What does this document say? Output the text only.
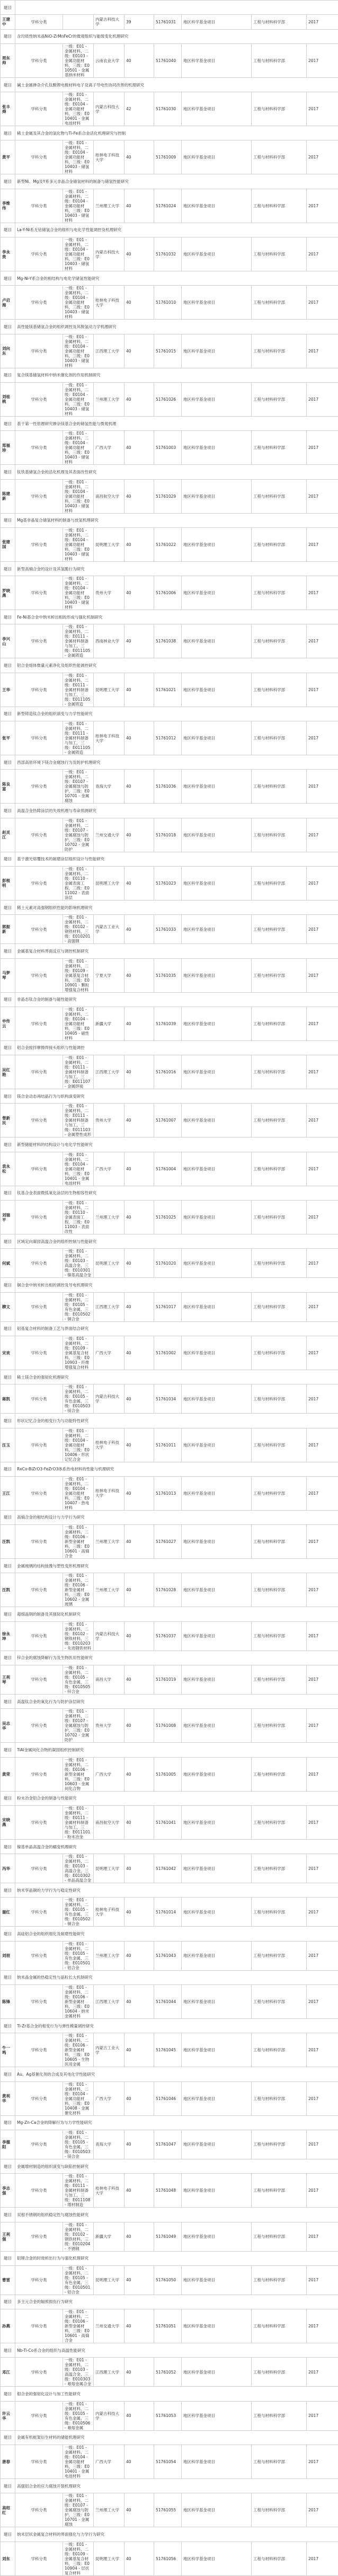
题目								
王建中	学科分类		内蒙古科技大学	39	51761031	地区科学基金项目	工程与材料科学部	2017
题目	含均质性纳米晶NiO-ZrMnFeCr的微观组织与能级变化机理研究							
周东帅	学科分类	一级：E01 - 金属材料，二级：E0103 - 金属功能材料，三级：E010501 - 金属基纳米材料	云南农业大学	40	51761040	地区科学基金项目	工程与材料科学部	2017
题目	碱土金属掺杂介孔钛酸锂电极材料电子及离子导电性协同改善的机理研究							
张丰舜	学科分类	一级：E01 - 金属材料，二级：E0104 - 金属功能材料，三级：E010401 - 金属电池材料	内蒙古科技大学	42	51761030	地区科学基金项目	工程与材料科学部	2017
题目	稀土金属及其合金的氢化物与Ti-Fe系合金活化机理研究与控制							
黄平	学科分类	一级：E01 - 金属材料，二级：E0104 - 金属功能材料，三级：E010403 - 储氢材料	桂林电子科技大学	40	51761009	地区科学基金项目	工程与材料科学部	2017
题目	新型Ni、Mg及Y系多元非晶合金储氢材料的制备与储氢性能研究							
李维伟	学科分类	一级：E01 - 金属材料，二级：E0104 - 金属功能材料，三级：E010403 - 储氢材料	兰州理工大学	40	51761024	地区科学基金项目	工程与材料科学部	2017
题目	La-Y-Ni系无钴储氢合金的组织与电化学性能调控及机理研究							
李永贵	学科分类	一级：E01 - 金属材料，二级：E0104 - 金属功能材料，三级：E010403 - 储氢材料	内蒙古科技大学	40	51761032	地区科学基金项目	工程与材料科学部	2017
题目	Mg-Ni-Y系合金的相结构与电化学储氢性能研究							
卢启海	学科分类	一级：E01 - 金属材料，二级：E0104 - 金属功能材料，三级：E010403 - 储氢材料	桂林电子科技大学	40	51761010	地区科学基金项目	工程与材料科学部	2017
题目	高性能镁基储氢合金的组织调控及其脱氢动力学机理研究							
刘向东	学科分类	一级：E01 - 金属材料，二级：E0104 - 金属功能材料，三级：E010403 - 储氢材料	江西理工大学	40	51761015	地区科学基金项目	工程与材料科学部	2017
题目	复合镁基储氢材料中纳米催化剂的作用机制研究							
刘桂桃	学科分类	一级：E01 - 金属材料，二级：E0104 - 金属功能材料，三级：E010403 - 储氢材料	兰州理工大学	40	51761026	地区科学基金项目	工程与材料科学部	2017
题目	基于第一性原理研究掺杂镁基合金的储氢性能与微观机理							
郑福珍	学科分类	一级：E01 - 金属材料，二级：E0104 - 金属功能材料，三级：E010403 - 储氢材料	广西大学	40	51761003	地区科学基金项目	工程与材料科学部	2017
题目	钛铁基储氢合金的活化机理及其表面改性研究							
陈建新	学科分类	一级：E01 - 金属材料，二级：E0104 - 金属功能材料，三级：E010403 - 储氢材料	南昌航空大学	40	51761029	地区科学基金项目	工程与材料科学部	2017
题目	Mg基非晶复合储氢材料的制备与放氢机理研究							
张建国	学科分类	一级：E01 - 金属材料，二级：E0104 - 金属功能材料，三级：E010403 - 储氢材料	昆明理工大学	40	51761022	地区科学基金项目	工程与材料科学部	2017
题目	新型高熵合金的设计及其氢脆行为研究							
罗晓燕	学科分类	一级：E01 - 金属材料，二级：E0104 - 金属功能材料，三级：E010403 - 储氢材料	贵州大学	40	51761006	地区科学基金项目	工程与材料科学部	2017
题目	Fe-Ni基合金中纳米析出相的形成与强化机制研究							
李兴山	学科分类	一级：E01 - 金属材料，二级：E0111 - 金属材料制备与加工，三级：E011105 - 金属铸造	西南林业大学	40	51761038	地区科学基金项目	工程与材料科学部	2017
题目	铝合金熔体微量元素净化及组织性能调控研究							
王华	学科分类	一级：E01 - 金属材料，二级：E0111 - 金属材料制备与加工，三级：E011105 - 金属铸造	昆明理工大学	40	51761021	地区科学基金项目	工程与材料科学部	2017
题目	新型铸造钛合金的组织演变与力学性能研究							
张平	学科分类	一级：E01 - 金属材料，二级：E0111 - 金属材料制备与加工，三级：E011105 - 金属铸造	桂林电子科技大学	40	51761012	地区科学基金项目	工程与材料科学部	2017
题目	西部高原环境下镁合金腐蚀行为及防护机理研究							
陈良富	学科分类	一级：E01 - 金属材料，二级：E0107 - 金属腐蚀与防护，三级：E010701 - 金属腐蚀	青海大学	40	51761036	地区科学基金项目	工程与材料科学部	2017
题目	高温合金热障涂层的失效机理与寿命预测研究							
赵灵江	学科分类	一级：E01 - 金属材料，二级：E0107 - 金属腐蚀与防护，三级：E010702 - 金属防护	兰州交通大学	40	51761018	地区科学基金项目	工程与材料科学部	2017
题目	基于激光熔覆技术的耐磨涂层组织设计与性能研究							
彭根明	学科分类	一级：E01 - 金属材料，二级：E0110 - 金属表面工程，三级：E011002 - 表面涂层	昆明理工大学	40	51761023	地区科学基金项目	工程与材料科学部	2017
题目	稀土元素对高强钢组织性能的影响机理研究							
郭振新	学科分类	一级：E01 - 金属材料，二级：E0102 - 钢铁材料，三级：E010201 - 高强钢	内蒙古工业大学	40	51761033	地区科学基金项目	工程与材料科学部	2017
题目	金属基复合材料界面反应与调控机制研究							
马梦琴	学科分类	一级：E01 - 金属材料，二级：E0109 - 金属基复合材料，三级：E010901 - 颗粒增强复合材料	宁夏大学	40	51761035	地区科学基金项目	工程与材料科学部	2017
题目	非晶态钛合金的制备与磁性能研究							
申传云	学科分类	一级：E01 - 金属材料，二级：E0104 - 金属功能材料，三级：E010405 - 磁性材料	新疆大学	40	51761039	地区科学基金项目	工程与材料科学部	2017
题目	铝合金搅拌摩擦焊接头组织与性能调控							
吴红艳	学科分类	一级：E01 - 金属材料，二级：E0111 - 金属材料制备与加工，三级：E011107 - 金属焊接	江西理工大学	40	51761016	地区科学基金项目	工程与材料科学部	2017
题目	镁合金动态再结晶行为与织构演变研究							
曾新民	学科分类	一级：E01 - 金属材料，二级：E0111 - 金属材料制备与加工，三级：E011103 - 金属塑性成形	贵州大学	40	51761007	地区科学基金项目	工程与材料科学部	2017
题目	新型储能材料的结构设计与电化学性能研究							
袁永松	学科分类	一级：E01 - 金属材料，二级：E0104 - 金属功能材料，三级：E010401 - 金属电池材料	广西大学	40	51761004	地区科学基金项目	工程与材料科学部	2017
题目	钛基合金表面微弧氧化涂层的生物相容性研究							
刘瑞平	学科分类	一级：E01 - 金属材料，二级：E0110 - 金属表面工程，三级：E011003 - 表面改性	兰州理工大学	40	51761025	地区科学基金项目	工程与材料科学部	2017
题目	区域定向凝固高温合金的组织控制与性能研究							
何斌	学科分类	一级：E01 - 金属材料，二级：E0103 - 高温合金，三级：E010301 - 镍基高温合金	昆明理工大学	40	51761020	地区科学基金项目	工程与材料科学部	2017
题目	铜合金中纳米析出相的调控及导电机理研究							
柳文	学科分类	一级：E01 - 金属材料，二级：E0105 - 有色金属，三级：E010502 - 铜合金	江西理工大学	40	51761017	地区科学基金项目	工程与材料科学部	2017
题目	铝基复合材料的制备工艺与界面结合研究							
宋欢	学科分类	一级：E01 - 金属材料，二级：E0109 - 金属基复合材料，三级：E010903 - 纤维增强复合材料	广西大学	40	51761002	地区科学基金项目	工程与材料科学部	2017
题目	稀土镁合金的强韧化机理研究							
蒋凯	学科分类	一级：E01 - 金属材料，二级：E0105 - 有色金属，三级：E010503 - 镁合金	内蒙古科技大学	40	51761034	地区科学基金项目	工程与材料科学部	2017
题目	形状记忆合金的相变行为与功能特性研究							
汪玉	学科分类	一级：E01 - 金属材料，二级：E0104 - 金属功能材料，三级：E010406 - 形状记忆合金	桂林电子科技大学	40	51761011	地区科学基金项目	工程与材料科学部	2017
题目	RxCo-BiZrO3-FeZrO3体系热电材料的性能与机理研究							
王江	学科分类	一级：E01 - 金属材料，二级：E0104 - 金属功能材料，三级：E010407 - 热电材料	桂林电子科技大学	40	51761013	地区科学基金项目	工程与材料科学部	2017
题目	高熵合金的相结构设计与力学行为研究							
汪凯	学科分类	一级：E01 - 金属材料，二级：E0106 - 新型金属材料，三级：E010601 - 高熵合金	兰州理工大学	40	51761027	地区科学基金项目	工程与材料科学部	2017
题目	金属玻璃的结构弛豫与塑性变形机理研究							
汪凯	学科分类	一级：E01 - 金属材料，二级：E0106 - 新型金属材料，三级：E010602 - 金属玻璃	兰州理工大学	40	51761028	地区科学基金项目	工程与材料科学部	2017
题目	超细晶钢的制备及其强韧化机制研究							
徐永坤	学科分类	一级：E01 - 金属材料，二级：E0102 - 钢铁材料，三级：E010203 - 先进钢铁材料	内蒙古科技大学	40	51761037	地区科学基金项目	工程与材料科学部	2017
题目	锌合金的腐蚀降解行为及生物医用性能研究							
王利琴	学科分类	一级：E01 - 金属材料，二级：E0105 - 有色金属，三级：E010505 - 锌合金	南昌大学	40	51761019	地区科学基金项目	工程与材料科学部	2017
题目	高温钛合金的氧化行为与防护涂层研究							
吴志华	学科分类	一级：E01 - 金属材料，二级：E0107 - 金属腐蚀与防护，三级：E010702 - 金属防护	贵州大学	40	51761008	地区科学基金项目	工程与材料科学部	2017
题目	TiAl金属间化合物的凝固组织控制研究							
黄荣	学科分类	一级：E01 - 金属材料，二级：E0106 - 新型金属材料，三级：E010603 - 金属间化合物	广西大学	40	51761005	地区科学基金项目	工程与材料科学部	2017
题目	粉末冶金铝合金的制备与性能研究							
宋晓燕	学科分类	一级：E01 - 金属材料，二级：E0111 - 金属材料制备与加工，三级：E011101 - 粉末冶金	南昌航空大学	40	51761041	地区科学基金项目	工程与材料科学部	2017
题目	镍基单晶高温合金的蠕变机理研究							
冯华	学科分类	一级：E01 - 金属材料，二级：E0103 - 高温合金，三级：E010302 - 单晶高温合金	昆明理工大学	40	51761042	地区科学基金项目	工程与材料科学部	2017
题目	纳米孪晶铜的力学行为与稳定性研究							
谢红	学科分类	一级：E01 - 金属材料，二级：E0105 - 有色金属，三级：E010502 - 铜合金	桂林电子科技大学	40	51761014	地区科学基金项目	工程与材料科学部	2017
题目	高硅铝合金的组织细化及耐磨性能研究							
刘朋	学科分类	一级：E01 - 金属材料，二级：E0105 - 有色金属，三级：E010501 - 铝合金	兰州理工大学	40	51761043	地区科学基金项目	工程与材料科学部	2017
题目	纳米晶金属的热稳定性与晶粒长大机制研究							
陈锋	学科分类	一级：E01 - 金属材料，二级：E0106 - 新型金属材料，三级：E010604 - 纳米金属材料	江西理工大学	40	51761044	地区科学基金项目	工程与材料科学部	2017
题目	Ti-Zr基合金的相变行为与弹性模量调控研究							
牛一鸣	学科分类	一级：E01 - 金属材料，二级：E0106 - 新型金属材料，三级：E010605 - 生物医用金属	内蒙古工业大学	40	51761045	地区科学基金项目	工程与材料科学部	2017
题目	Au、Ag基催化剂的合成及其电化学性能研究							
黄利华	学科分类	一级：E01 - 金属材料，二级：E0104 - 金属功能材料，三级：E010408 - 金属催化材料	广西大学	40	51761046	地区科学基金项目	工程与材料科学部	2017
题目	Mg-Zn-Ca合金的降解行为与力学性能研究							
李德阳	学科分类	一级：E01 - 金属材料，二级：E0105 - 有色金属，三级：E010503 - 镁合金	青海大学	40	51761047	地区科学基金项目	工程与材料科学部	2017
题目	金属增材制造的组织演变与缺陷控制研究							
李志强	学科分类	一级：E01 - 金属材料，二级：E0111 - 金属材料制备与加工，三级：E011108 - 增材制造	桂林电子科技大学	40	51761048	地区科学基金项目	工程与材料科学部	2017
题目	双相不锈钢的组织稳定性与腐蚀性能研究							
王利强	学科分类	一级：E01 - 金属材料，二级：E0102 - 钢铁材料，三级：E010204 - 不锈钢	新疆大学	40	51761049	地区科学基金项目	工程与材料科学部	2017
题目	铝锂合金的时效析出行为与强化机理研究							
曹雷	学科分类	一级：E01 - 金属材料，二级：E0105 - 有色金属，三级：E010501 - 铝合金	昆明理工大学	40	51761050	地区科学基金项目	工程与材料科学部	2017
题目	多主元合金的辐照损伤行为研究							
孙燕	学科分类	一级：E01 - 金属材料，二级：E0106 - 新型金属材料，三级：E010601 - 高熵合金	兰州交通大学	40	51761051	地区科学基金项目	工程与材料科学部	2017
题目	Nb-Ti-Co系合金的组织与高温性能研究							
邓江	学科分类	一级：E01 - 金属材料，二级：E0103 - 高温合金，三级：E010303 - 难熔金属合金	江西理工大学	40	51761052	地区科学基金项目	工程与材料科学部	2017
题目	钼合金的强韧化设计与加工性能研究							
许云华	学科分类	一级：E01 - 金属材料，二级：E0105 - 有色金属，三级：E010506 - 难熔金属	内蒙古科技大学	40	51761053	地区科学基金项目	工程与材料科学部	2017
题目	金属有机框架衍生材料的储能机理研究							
唐春	学科分类	一级：E01 - 金属材料，二级：E0104 - 金属功能材料，三级：E010401 - 金属电池材料	广西大学	40	51761054	地区科学基金项目	工程与材料科学部	2017
题目	高强铝合金的应力腐蚀开裂机理研究							
高绍红	学科分类	一级：E01 - 金属材料，二级：E0107 - 金属腐蚀与防护，三级：E010701 - 金属腐蚀	兰州理工大学	40	51761055	地区科学基金项目	工程与材料科学部	2017
题目	纳米层状金属复合材料的界面强化与力学行为研究							
刘东	学科分类	一级：E01 - 金属材料，二级：E0109 - 金属基复合材料，三级：E010904 - 层状复合材料	昆明理工大学	40	51761056	地区科学基金项目	工程与材料科学部	2017
